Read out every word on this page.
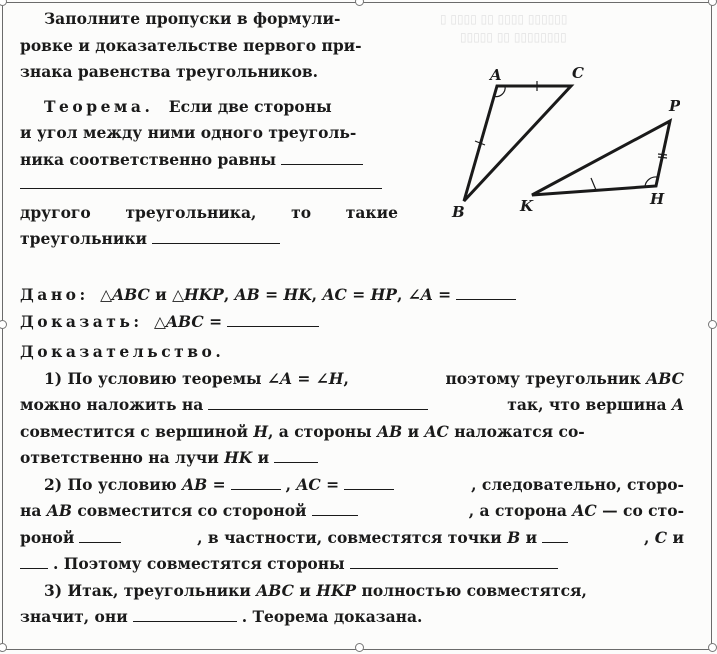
▯ ▯▯▯▯ ▯▯ ▯▯▯▯ ▯▯▯▯▯▯
▯▯▯▯▯ ▯▯ ▯▯▯▯▯▯▯▯
Заполните пропуски в формули-
ровке и доказательстве первого при-
знака равенства треугольников.
Теорема. Если две стороны
и угол между ними одного треуголь-
ника соответственно равны
другого треугольника, то такие
треугольники
A	C
B
P
K	H
Дано: △ABC и △HKP, AB = HK, AC = HP, ∠A =
Доказать: △ABC =
Доказательство.
1) По условию теоремы ∠A = ∠H,	поэтому треугольник ABC
можно наложить на	так, что вершина A
совместится с вершиной H, а стороны AB и AC наложатся со-
ответственно на лучи HK и
2) По условию AB =	, AC =	, следовательно, сторо-
на AB совместится со стороной	, а сторона AC — со сто-
роной	, в частности, совместятся точки B и	, C и
. Поэтому совместятся стороны
3) Итак, треугольники ABC и HKP полностью совместятся,
значит, они	. Теорема доказана.
